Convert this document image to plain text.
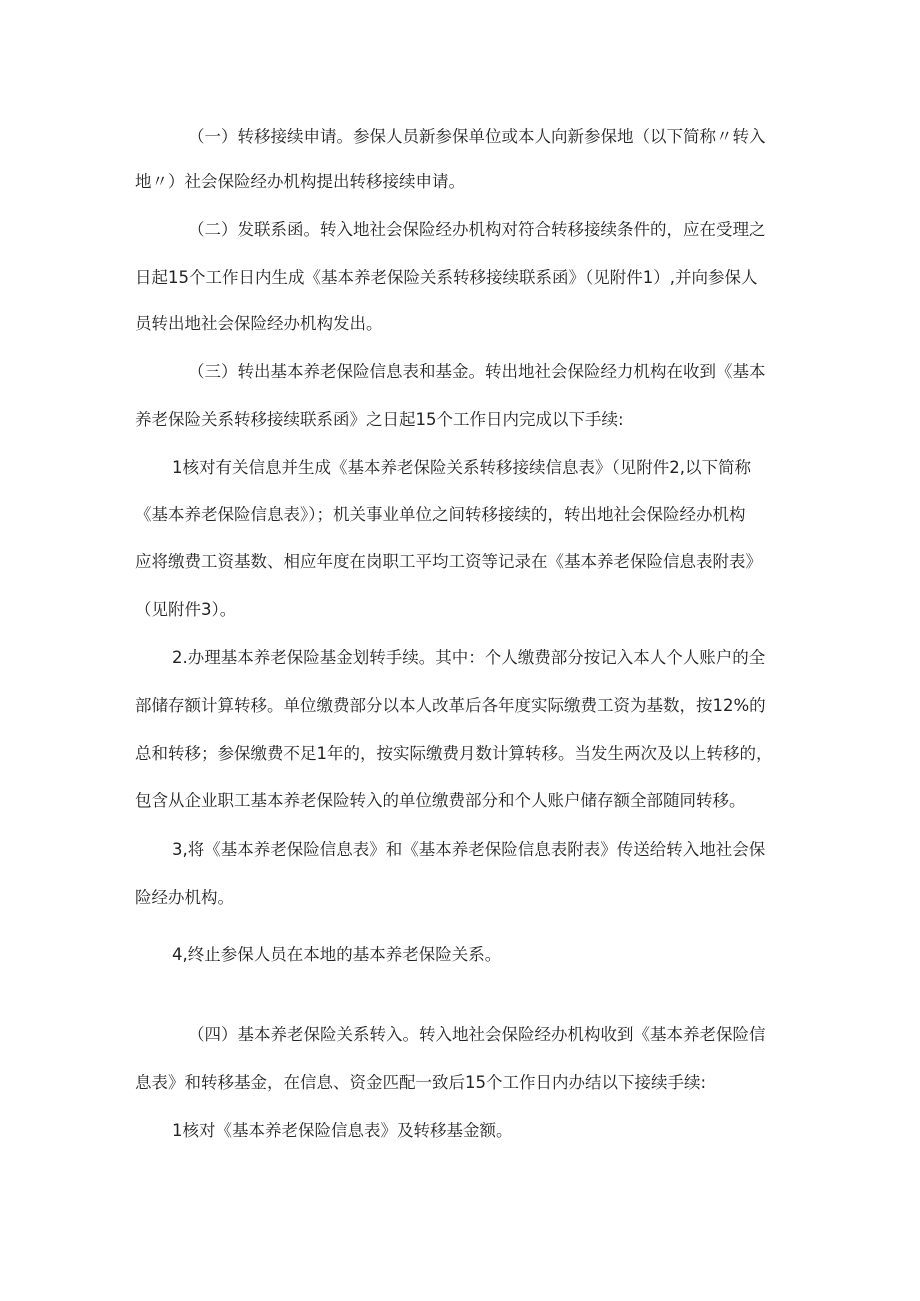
（一）转移接续申请。参保人员新参保单位或本人向新参保地（以下简称〃转入
地〃）社会保险经办机构提出转移接续申请。
（二）发联系函。转入地社会保险经办机构对符合转移接续条件的，应在受理之
日起15个工作日内生成《基本养老保险关系转移接续联系函》（见附件1）,并向参保人
员转出地社会保险经办机构发出。
（三）转出基本养老保险信息表和基金。转出地社会保险经力机构在收到《基本
养老保险关系转移接续联系函》之日起15个工作日内完成以下手续:
1核对有关信息并生成《基本养老保险关系转移接续信息表》（见附件2,以下简称
《基本养老保险信息表》）；机关事业单位之间转移接续的，转出地社会保险经办机构
应将缴费工资基数、相应年度在岗职工平均工资等记录在《基本养老保险信息表附表》
（见附件3）。
2.办理基本养老保险基金划转手续。其中：个人缴费部分按记入本人个人账户的全
部储存额计算转移。单位缴费部分以本人改革后各年度实际缴费工资为基数，按12%的
总和转移；参保缴费不足1年的，按实际缴费月数计算转移。当发生两次及以上转移的，
包含从企业职工基本养老保险转入的单位缴费部分和个人账户储存额全部随同转移。
3,将《基本养老保险信息表》和《基本养老保险信息表附表》传送给转入地社会保
险经办机构。
4,终止参保人员在本地的基本养老保险关系。
（四）基本养老保险关系转入。转入地社会保险经办机构收到《基本养老保险信
息表》和转移基金，在信息、资金匹配一致后15个工作日内办结以下接续手续:
1核对《基本养老保险信息表》及转移基金额。
